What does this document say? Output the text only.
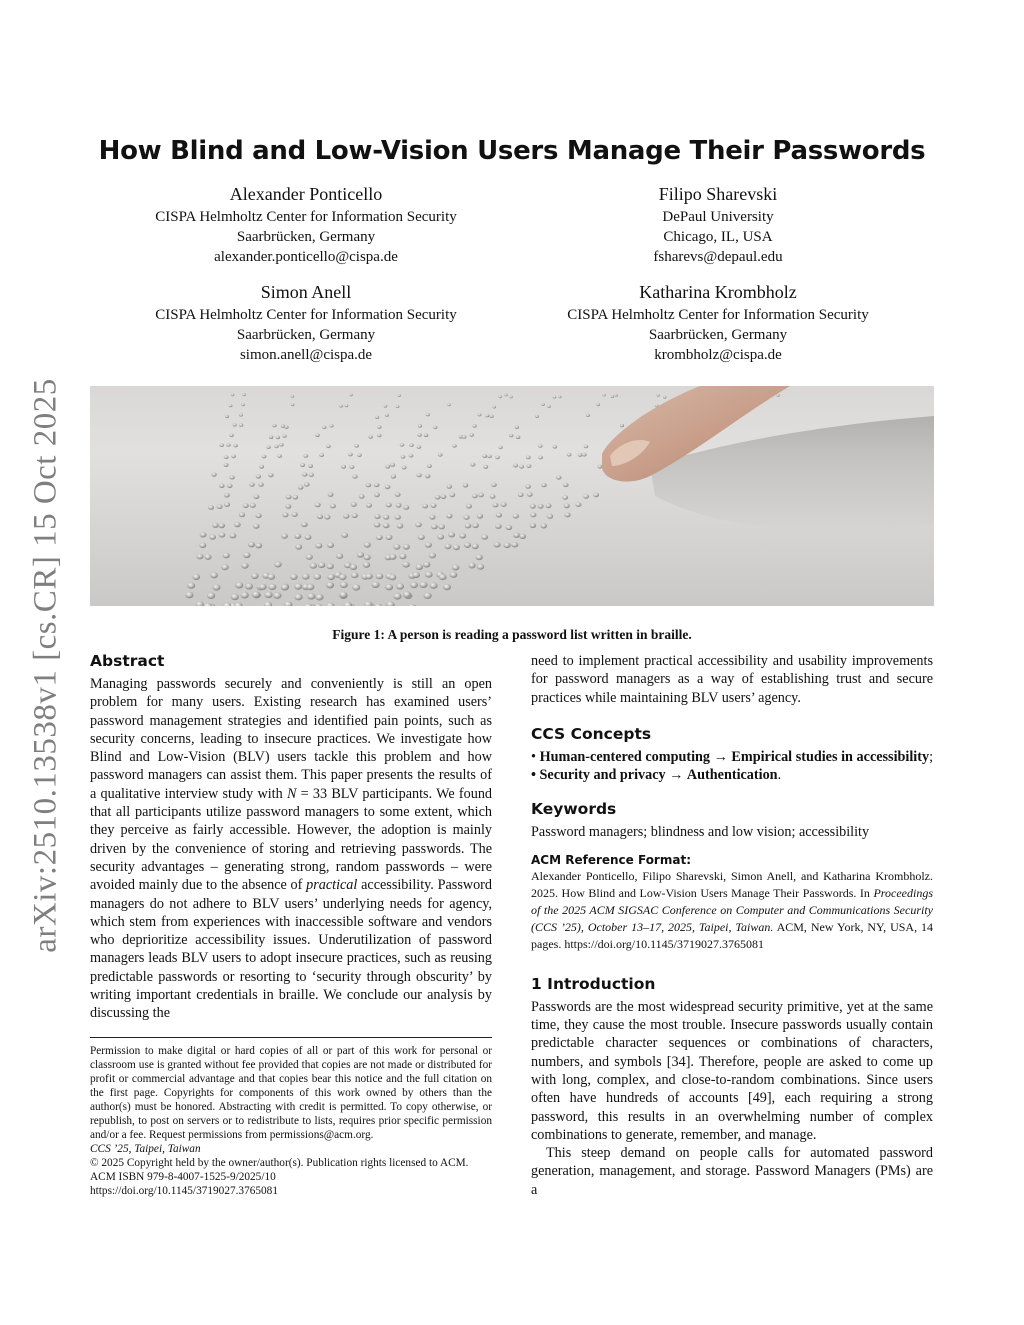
arXiv:2510.13538v1 [cs.CR] 15 Oct 2025
How Blind and Low-Vision Users Manage Their Passwords
Alexander Ponticello
CISPA Helmholtz Center for Information Security
Saarbrücken, Germany
alexander.ponticello@cispa.de
Filipo Sharevski
DePaul University
Chicago, IL, USA
fsharevs@depaul.edu
Simon Anell
CISPA Helmholtz Center for Information Security
Saarbrücken, Germany
simon.anell@cispa.de
Katharina Krombholz
CISPA Helmholtz Center for Information Security
Saarbrücken, Germany
krombholz@cispa.de
Figure 1: A person is reading a password list written in braille.
Abstract

Managing passwords securely and conveniently is still an open problem for many users. Existing research has examined users’ password management strategies and identified pain points, such as security concerns, leading to insecure practices. We investigate how Blind and Low-Vision (BLV) users tackle this problem and how password managers can assist them. This paper presents the results of a qualitative interview study with N = 33 BLV participants. We found that all participants utilize password managers to some extent, which they perceive as fairly accessible. However, the adoption is mainly driven by the convenience of storing and retrieving passwords. The security advantages – generating strong, random passwords – were avoided mainly due to the absence of practical accessibility. Password managers do not adhere to BLV users’ underlying needs for agency, which stem from experiences with inaccessible software and vendors who deprioritize accessibility issues. Underutilization of password managers leads BLV users to adopt insecure practices, such as reusing predictable passwords or resorting to ‘security through obscurity’ by writing important credentials in braille. We conclude our analysis by discussing the

Permission to make digital or hard copies of all or part of this work for personal or classroom use is granted without fee provided that copies are not made or distributed for profit or commercial advantage and that copies bear this notice and the full citation on the first page. Copyrights for components of this work owned by others than the author(s) must be honored. Abstracting with credit is permitted. To copy otherwise, or republish, to post on servers or to redistribute to lists, requires prior specific permission and/or a fee. Request permissions from permissions@acm.org.
CCS ’25, Taipei, Taiwan
© 2025 Copyright held by the owner/author(s). Publication rights licensed to ACM.
ACM ISBN 979-8-4007-1525-9/2025/10
https://doi.org/10.1145/3719027.3765081

need to implement practical accessibility and usability improvements for password managers as a way of establishing trust and secure practices while maintaining BLV users’ agency.

CCS Concepts

• Human-centered computing → Empirical studies in accessibility; • Security and privacy → Authentication.

Keywords

Password managers; blindness and low vision; accessibility

ACM Reference Format:
Alexander Ponticello, Filipo Sharevski, Simon Anell, and Katharina Krombholz. 2025. How Blind and Low-Vision Users Manage Their Passwords. In Proceedings of the 2025 ACM SIGSAC Conference on Computer and Communications Security (CCS ’25), October 13–17, 2025, Taipei, Taiwan. ACM, New York, NY, USA, 14 pages. https://doi.org/10.1145/3719027.3765081
1 Introduction

Passwords are the most widespread security primitive, yet at the same time, they cause the most trouble. Insecure passwords usually contain predictable character sequences or combinations of characters, numbers, and symbols [34]. Therefore, people are asked to come up with long, complex, and close-to-random combinations. Since users often have hundreds of accounts [49], each requiring a strong password, this results in an overwhelming number of complex combinations to generate, remember, and manage.

This steep demand on people calls for automated password generation, management, and storage. Password Managers (PMs) are a
